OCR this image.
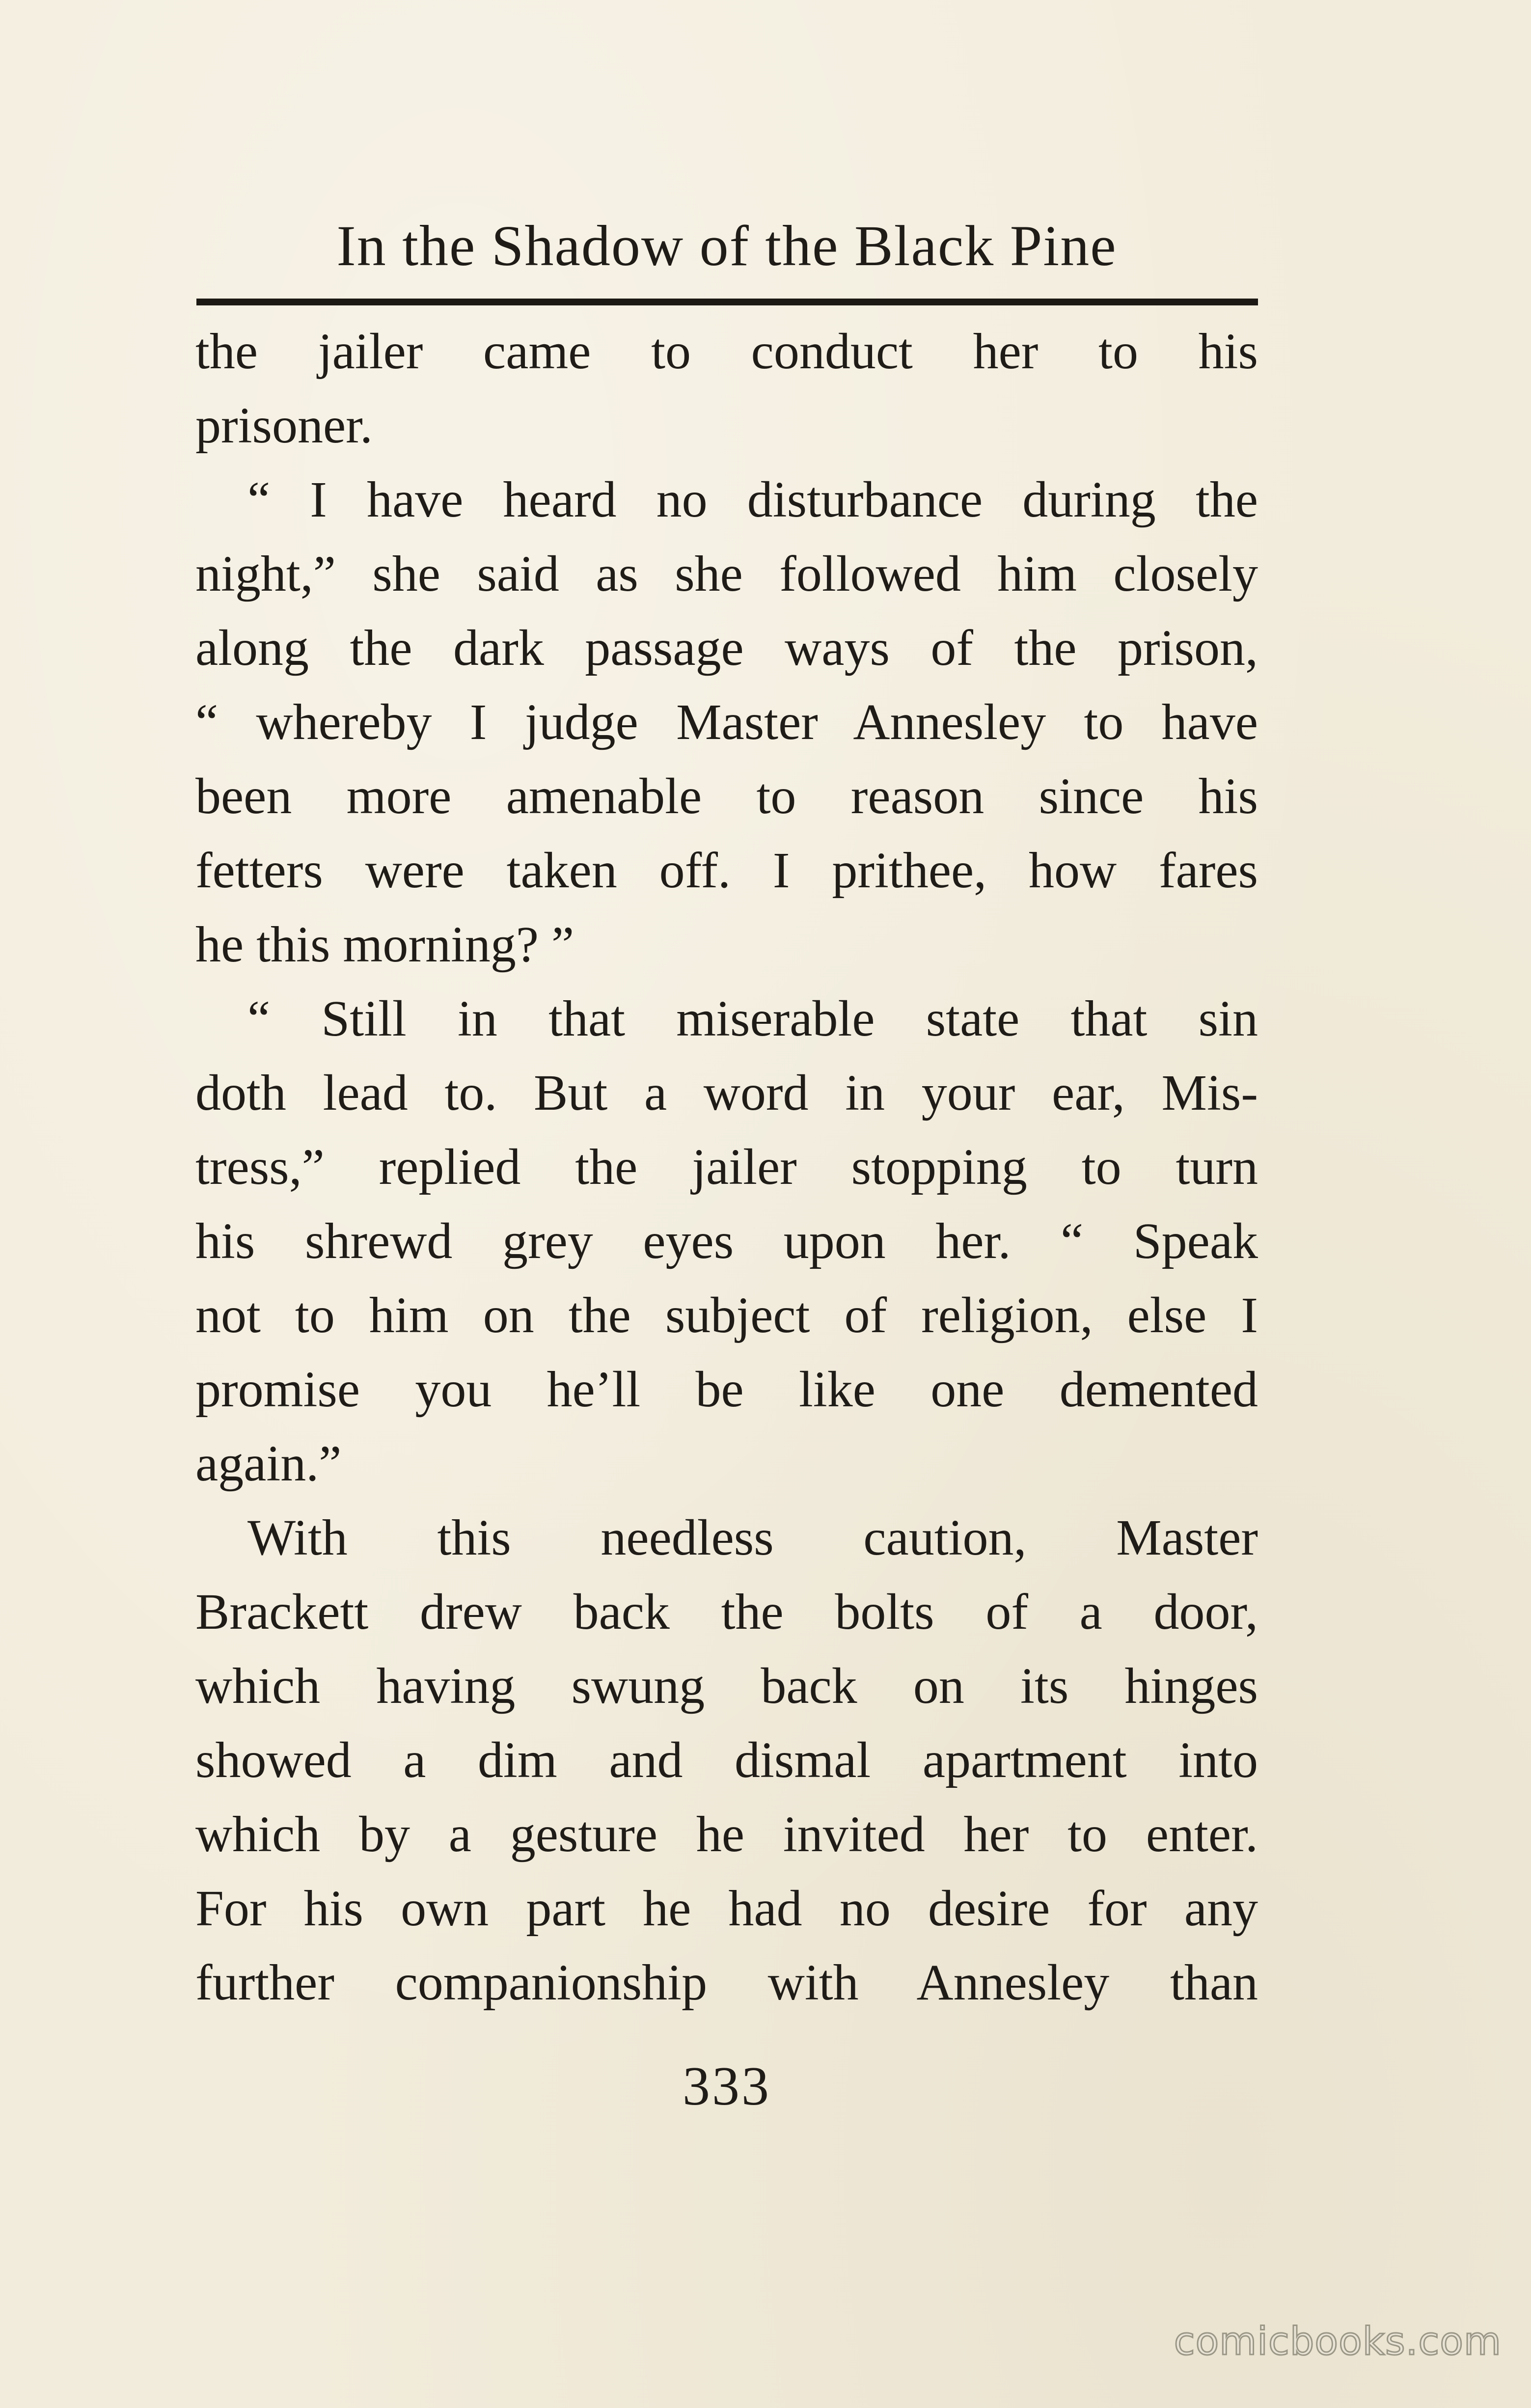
In the Shadow of the Black Pine
the jailer came to conduct her to his
prisoner.
“ I have heard no disturbance during the
night,” she said as she followed him closely
along the dark passage ways of the prison,
“ whereby I judge Master Annesley to have
been more amenable to reason since his
fetters were taken off. I prithee, how fares
he this morning? ”
“ Still in that miserable state that sin
doth lead to. But a word in your ear, Mis-
tress,” replied the jailer stopping to turn
his shrewd grey eyes upon her. “ Speak
not to him on the subject of religion, else I
promise you he’ll be like one demented
again.”
With this needless caution, Master
Brackett drew back the bolts of a door,
which having swung back on its hinges
showed a dim and dismal apartment into
which by a gesture he invited her to enter.
For his own part he had no desire for any
further companionship with Annesley than
333
comicbooks.com
